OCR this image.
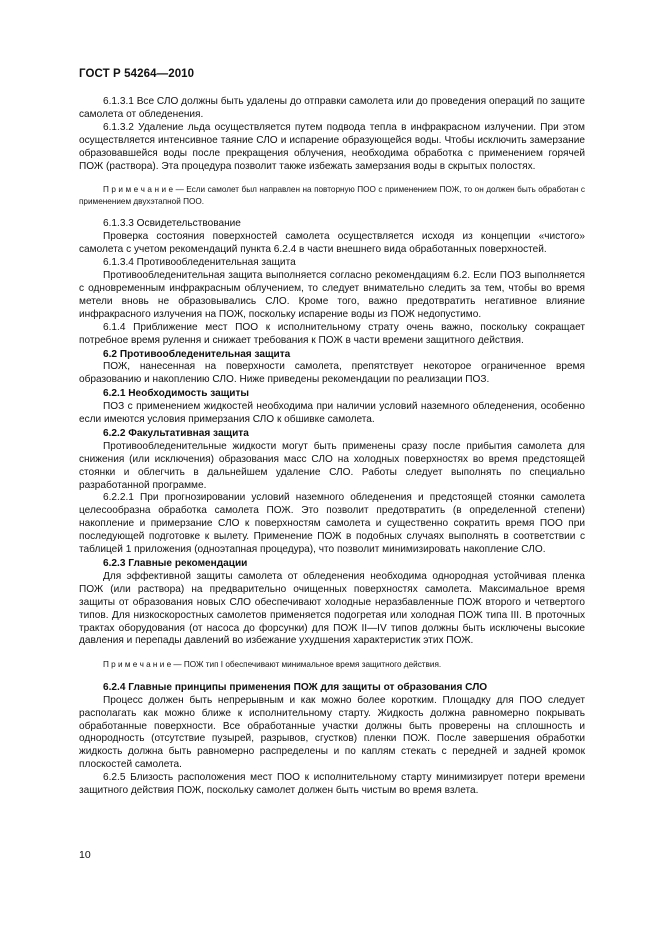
ГОСТ Р 54264—2010

6.1.3.1 Все СЛО должны быть удалены до отправки самолета или до проведения операций по защите самолета от обледенения.

6.1.3.2 Удаление льда осуществляется путем подвода тепла в инфракрасном излучении. При этом осуществляется интенсивное таяние СЛО и испарение образующейся воды. Чтобы исключить замерзание образовавшейся воды после прекращения облучения, необходима обработка с применением горячей ПОЖ (раствора). Эта процедура позволит также избежать замерзания воды в скрытых полостях.

П р и м е ч а н и е — Если самолет был направлен на повторную ПОО с применением ПОЖ, то он должен быть обработан с применением двухэтапной ПОО.

6.1.3.3 Освидетельствование

Проверка состояния поверхностей самолета осуществляется исходя из концепции «чистого» самолета с учетом рекомендаций пункта 6.2.4 в части внешнего вида обработанных поверхностей.

6.1.3.4 Противообледенительная защита

Противообледенительная защита выполняется согласно рекомендациям 6.2. Если ПОЗ выполняется с одновременным инфракрасным облучением, то следует внимательно следить за тем, чтобы во время метели вновь не образовывались СЛО. Кроме того, важно предотвратить негативное влияние инфракрасного излучения на ПОЖ, поскольку испарение воды из ПОЖ недопустимо.

6.1.4 Приближение мест ПОО к исполнительному страту очень важно, поскольку сокращает потребное время рулення и снижает требования к ПОЖ в части времени защитного действия.

6.2 Противообледенительная защита

ПОЖ, нанесенная на поверхности самолета, препятствует некоторое ограниченное время образованию и накоплению СЛО. Ниже приведены рекомендации по реализации ПОЗ.

6.2.1 Необходимость защиты

ПОЗ с применением жидкостей необходима при наличии условий наземного обледенения, особенно если имеются условия примерзания СЛО к обшивке самолета.

6.2.2 Факультативная защита

Противообледенительные жидкости могут быть применены сразу после прибытия самолета для снижения (или исключения) образования масс СЛО на холодных поверхностях во время предстоящей стоянки и облегчить в дальнейшем удаление СЛО. Работы следует выполнять по специально разработанной программе.

6.2.2.1 При прогнозировании условий наземного обледенения и предстоящей стоянки самолета целесообразна обработка самолета ПОЖ. Это позволит предотвратить (в определенной степени) накопление и примерзание СЛО к поверхностям самолета и существенно сократить время ПОО при последующей подготовке к вылету. Применение ПОЖ в подобных случаях выполнять в соответствии с таблицей 1 приложения (одноэтапная процедура), что позволит минимизировать накопление СЛО.

6.2.3 Главные рекомендации

Для эффективной защиты самолета от обледенения необходима однородная устойчивая пленка ПОЖ (или раствора) на предварительно очищенных поверхностях самолета. Максимальное время защиты от образования новых СЛО обеспечивают холодные неразбавленные ПОЖ второго и четвертого типов. Для низкоскоростных самолетов применяется подогретая или холодная ПОЖ типа III. В проточных трактах оборудования (от насоса до форсунки) для ПОЖ II—IV типов должны быть исключены высокие давления и перепады давлений во избежание ухудшения характеристик этих ПОЖ.

П р и м е ч а н и е — ПОЖ тип I обеспечивают минимальное время защитного действия.

6.2.4 Главные принципы применения ПОЖ для защиты от образования СЛО

Процесс должен быть непрерывным и как можно более коротким. Площадку для ПОО следует располагать как можно ближе к исполнительному старту. Жидкость должна равномерно покрывать обработанные поверхности. Все обработанные участки должны быть проверены на сплошность и однородность (отсутствие пузырей, разрывов, сгустков) пленки ПОЖ. После завершения обработки жидкость должна быть равномерно распределены и по каплям стекать с передней и задней кромок плоскостей самолета.

6.2.5 Близость расположения мест ПОО к исполнительному старту минимизирует потери времени защитного действия ПОЖ, поскольку самолет должен быть чистым во время взлета.

10
